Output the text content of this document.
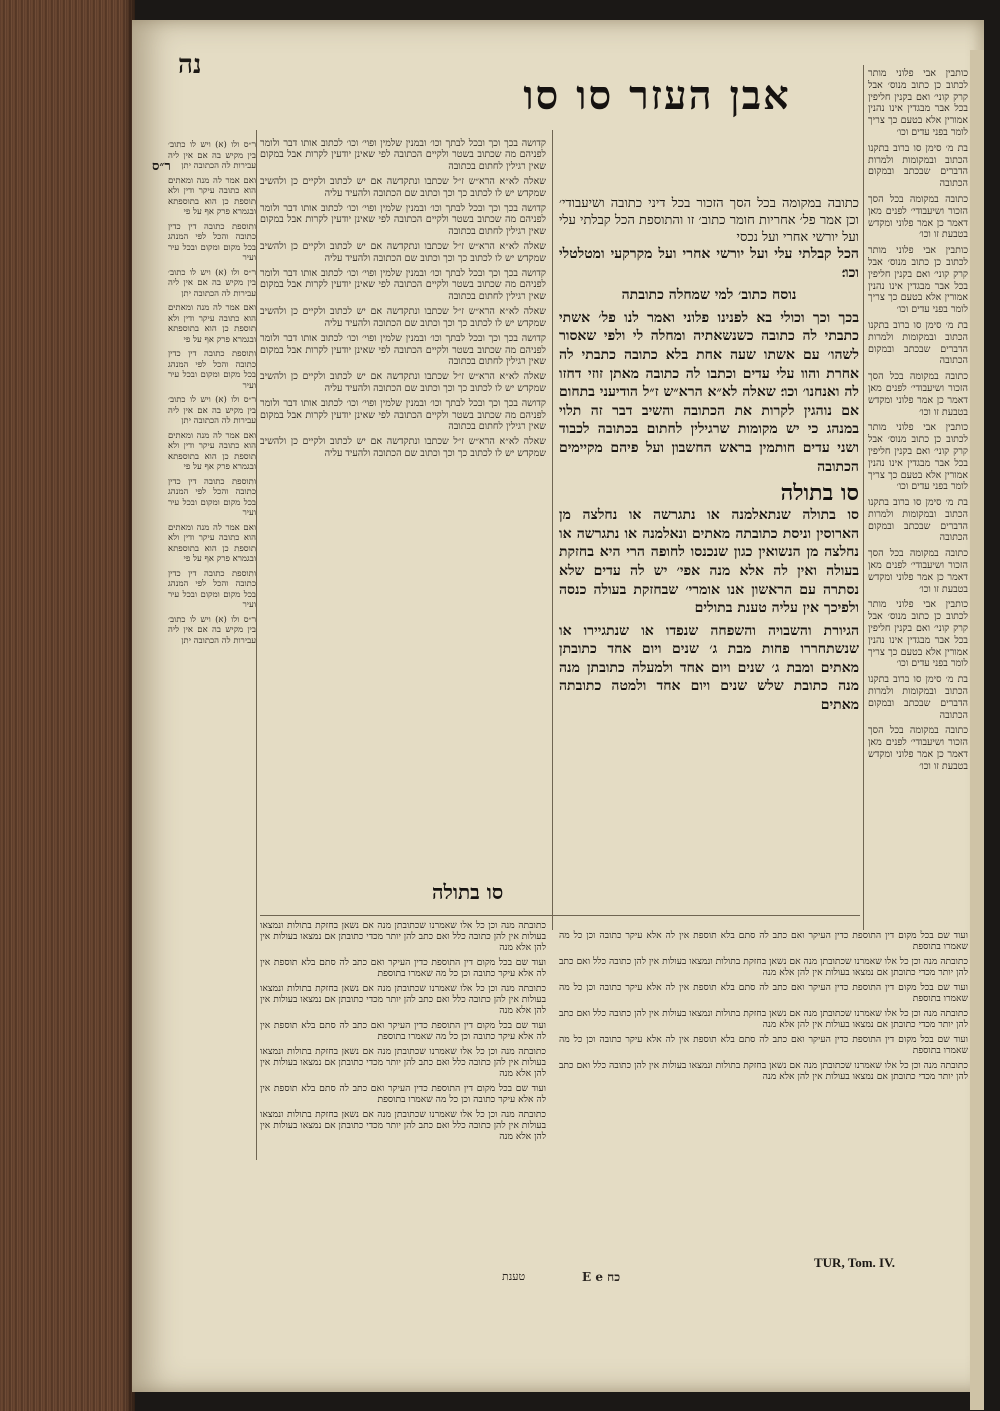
נה
ר״ס
אבן העזר סו סו

ר״ס ולו (א) ויש לו כתוב׳ בין מקיש בה אם אין ליה עבירות לה הכתובה יתן

ואם אמר לה מנה ומאתים הוא כתובה עיקר ודין ולא תוספת כן הוא בתוספתא ובגמרא פרק אף על פי

ותוספת כתובה דין כדין כתובה והכל לפי המנהג בכל מקום ומקום ובכל עיר ועיר

ר״ס ולו (א) ויש לו כתוב׳ בין מקיש בה אם אין ליה עבירות לה הכתובה יתן

ואם אמר לה מנה ומאתים הוא כתובה עיקר ודין ולא תוספת כן הוא בתוספתא ובגמרא פרק אף על פי

ותוספת כתובה דין כדין כתובה והכל לפי המנהג בכל מקום ומקום ובכל עיר ועיר

ר״ס ולו (א) ויש לו כתוב׳ בין מקיש בה אם אין ליה עבירות לה הכתובה יתן

ואם אמר לה מנה ומאתים הוא כתובה עיקר ודין ולא תוספת כן הוא בתוספתא ובגמרא פרק אף על פי

ותוספת כתובה דין כדין כתובה והכל לפי המנהג בכל מקום ומקום ובכל עיר ועיר

ואם אמר לה מנה ומאתים הוא כתובה עיקר ודין ולא תוספת כן הוא בתוספתא ובגמרא פרק אף על פי

ותוספת כתובה דין כדין כתובה והכל לפי המנהג בכל מקום ומקום ובכל עיר ועיר

ר״ס ולו (א) ויש לו כתוב׳ בין מקיש בה אם אין ליה עבירות לה הכתובה יתן

קדושה בכך וכך ובכל לבתך וכו׳ ובמנין שלמין ופוי׳ וכו׳ לכתוב אותו דבר ולומר לפניהם מה שכתוב בשטר ולקיים הכתובה לפי שאינן יודעין לקרות אבל במקום שאין רגילין לחתום בכתובה

שאלה לא״א הרא״ש ז״ל שכתבו ונתקדשה אם יש לכתוב ולקיים כן ולהשיב שמקדש יש לו לכתוב כך וכך וכתוב שם הכתובה ולהעיד עליה

קדושה בכך וכך ובכל לבתך וכו׳ ובמנין שלמין ופוי׳ וכו׳ לכתוב אותו דבר ולומר לפניהם מה שכתוב בשטר ולקיים הכתובה לפי שאינן יודעין לקרות אבל במקום שאין רגילין לחתום בכתובה

שאלה לא״א הרא״ש ז״ל שכתבו ונתקדשה אם יש לכתוב ולקיים כן ולהשיב שמקדש יש לו לכתוב כך וכך וכתוב שם הכתובה ולהעיד עליה

קדושה בכך וכך ובכל לבתך וכו׳ ובמנין שלמין ופוי׳ וכו׳ לכתוב אותו דבר ולומר לפניהם מה שכתוב בשטר ולקיים הכתובה לפי שאינן יודעין לקרות אבל במקום שאין רגילין לחתום בכתובה

שאלה לא״א הרא״ש ז״ל שכתבו ונתקדשה אם יש לכתוב ולקיים כן ולהשיב שמקדש יש לו לכתוב כך וכך וכתוב שם הכתובה ולהעיד עליה

קדושה בכך וכך ובכל לבתך וכו׳ ובמנין שלמין ופוי׳ וכו׳ לכתוב אותו דבר ולומר לפניהם מה שכתוב בשטר ולקיים הכתובה לפי שאינן יודעין לקרות אבל במקום שאין רגילין לחתום בכתובה

שאלה לא״א הרא״ש ז״ל שכתבו ונתקדשה אם יש לכתוב ולקיים כן ולהשיב שמקדש יש לו לכתוב כך וכך וכתוב שם הכתובה ולהעיד עליה

קדושה בכך וכך ובכל לבתך וכו׳ ובמנין שלמין ופוי׳ וכו׳ לכתוב אותו דבר ולומר לפניהם מה שכתוב בשטר ולקיים הכתובה לפי שאינן יודעין לקרות אבל במקום שאין רגילין לחתום בכתובה

שאלה לא״א הרא״ש ז״ל שכתבו ונתקדשה אם יש לכתוב ולקיים כן ולהשיב שמקדש יש לו לכתוב כך וכך וכתוב שם הכתובה ולהעיד עליה

סו בתולה

כתובתה מנה וכן כל אלו שאמרנו שכתובתן מנה אם נשאן בחזקת בתולות ונמצאו בעולות אין להן כתובה כלל ואם כתב להן יותר מכדי כתובתן אם נמצאו בעולות אין להן אלא מנה

ועוד שם בכל מקום דין התוספת כדין העיקר ואם כתב לה סתם בלא תוספת אין לה אלא עיקר כתובה וכן כל מה שאמרו בתוספת

כתובתה מנה וכן כל אלו שאמרנו שכתובתן מנה אם נשאן בחזקת בתולות ונמצאו בעולות אין להן כתובה כלל ואם כתב להן יותר מכדי כתובתן אם נמצאו בעולות אין להן אלא מנה

ועוד שם בכל מקום דין התוספת כדין העיקר ואם כתב לה סתם בלא תוספת אין לה אלא עיקר כתובה וכן כל מה שאמרו בתוספת

כתובתה מנה וכן כל אלו שאמרנו שכתובתן מנה אם נשאן בחזקת בתולות ונמצאו בעולות אין להן כתובה כלל ואם כתב להן יותר מכדי כתובתן אם נמצאו בעולות אין להן אלא מנה

ועוד שם בכל מקום דין התוספת כדין העיקר ואם כתב לה סתם בלא תוספת אין לה אלא עיקר כתובה וכן כל מה שאמרו בתוספת

כתובתה מנה וכן כל אלו שאמרנו שכתובתן מנה אם נשאן בחזקת בתולות ונמצאו בעולות אין להן כתובה כלל ואם כתב להן יותר מכדי כתובתן אם נמצאו בעולות אין להן אלא מנה

כתובה במקומה בכל הסך הזכור בכל דיני כתובה ושיעבודי׳ וכן אמר פל׳ אחריות חומר כתוב׳ זו והתוספת הכל קבלתי עלי ועל יורשי אחרי ועל נכסי

הכל קבלתי עלי ועל יורשי אחרי ועל מקרקעי ומטלטלי וכו׳׃

נוסח כתוב׳ למי שמחלה כתובתה

בכך וכך וכולי בא לפנינו פלוני ואמר לנו פל׳ אשתי כתבתי לה כתובה כשנשאתיה ומחלה לי ולפי שאסור לשהו׳ עם אשתו שעה אחת בלא כתובה כתבתי לה אחרת והוו עלי עדים וכתבו לה כתובה מאתן זוזי דחזו לה ואנחנו׳ וכו׳׃ שאלה לא״א הרא״ש ז״ל הודיעני בתחום אם נוהגין לקרות את הכתובה והשיב דבר זה תלוי במנהג כי יש מקומות שרגילין לחתום בכתובה לכבוד ושני עדים חותמין בראש החשבון ועל פיהם מקיימים הכתובה

סו בתולה

סו בתולה שנתאלמנה או נתגרשה או נחלצה מן הארוסין וניסת כתובתה מאתים ונאלמנה או נתגרשה או נחלצה מן הנשואין כגון שנכנסו לחופה הרי היא בחזקת בעולה ואין לה אלא מנה אפי׳ יש לה עדים שלא נסתרה עם הראשון אנו אומרי׳ שבחזקת בעולה כנסה ולפיכך אין עליה טענת בתולים

הגיורת והשבויה והשפחה שנפדו או שנתגיירו או שנשתחררו פחות מבת ג׳ שנים ויום אחד כתובתן מאתים ומבת ג׳ שנים ויום אחד ולמעלה כתובתן מנה מנה כתובת שלש שנים ויום אחד ולמטה כתובתה מאתים

כותבין אבי פלוני מותר לכתוב כן כתוב מנוס׳ אבל קרק קוני׳ ואם בקנין חליפין בכל אבר מבגדין אינו נהנין אמורין אלא בטעם כך צריך לומר בפני עדים וכו׳

בת מ׳ סימן סו ברוב בתקנו הכתוב ובמקומות ולמרות הדברים שבכתב ובמקום הכתובה

כתובה במקומה בכל הסך הזכור ושיעבודי׳ לפנים מאן דאמר כן אמר פלוני ומקדש בטבעת זו וכו׳

כותבין אבי פלוני מותר לכתוב כן כתוב מנוס׳ אבל קרק קוני׳ ואם בקנין חליפין בכל אבר מבגדין אינו נהנין אמורין אלא בטעם כך צריך לומר בפני עדים וכו׳

בת מ׳ סימן סו ברוב בתקנו הכתוב ובמקומות ולמרות הדברים שבכתב ובמקום הכתובה

כתובה במקומה בכל הסך הזכור ושיעבודי׳ לפנים מאן דאמר כן אמר פלוני ומקדש בטבעת זו וכו׳

כותבין אבי פלוני מותר לכתוב כן כתוב מנוס׳ אבל קרק קוני׳ ואם בקנין חליפין בכל אבר מבגדין אינו נהנין אמורין אלא בטעם כך צריך לומר בפני עדים וכו׳

בת מ׳ סימן סו ברוב בתקנו הכתוב ובמקומות ולמרות הדברים שבכתב ובמקום הכתובה

כתובה במקומה בכל הסך הזכור ושיעבודי׳ לפנים מאן דאמר כן אמר פלוני ומקדש בטבעת זו וכו׳

כותבין אבי פלוני מותר לכתוב כן כתוב מנוס׳ אבל קרק קוני׳ ואם בקנין חליפין בכל אבר מבגדין אינו נהנין אמורין אלא בטעם כך צריך לומר בפני עדים וכו׳

בת מ׳ סימן סו ברוב בתקנו הכתוב ובמקומות ולמרות הדברים שבכתב ובמקום הכתובה

כתובה במקומה בכל הסך הזכור ושיעבודי׳ לפנים מאן דאמר כן אמר פלוני ומקדש בטבעת זו וכו׳

ועוד שם בכל מקום דין התוספת כדין העיקר ואם כתב לה סתם בלא תוספת אין לה אלא עיקר כתובה וכן כל מה שאמרו בתוספת

כתובתה מנה וכן כל אלו שאמרנו שכתובתן מנה אם נשאן בחזקת בתולות ונמצאו בעולות אין להן כתובה כלל ואם כתב להן יותר מכדי כתובתן אם נמצאו בעולות אין להן אלא מנה

ועוד שם בכל מקום דין התוספת כדין העיקר ואם כתב לה סתם בלא תוספת אין לה אלא עיקר כתובה וכן כל מה שאמרו בתוספת

כתובתה מנה וכן כל אלו שאמרנו שכתובתן מנה אם נשאן בחזקת בתולות ונמצאו בעולות אין להן כתובה כלל ואם כתב להן יותר מכדי כתובתן אם נמצאו בעולות אין להן אלא מנה

ועוד שם בכל מקום דין התוספת כדין העיקר ואם כתב לה סתם בלא תוספת אין לה אלא עיקר כתובה וכן כל מה שאמרו בתוספת

כתובתה מנה וכן כל אלו שאמרנו שכתובתן מנה אם נשאן בחזקת בתולות ונמצאו בעולות אין להן כתובה כלל ואם כתב להן יותר מכדי כתובתן אם נמצאו בעולות אין להן אלא מנה

טענת	E e כח
TUR, Tom. IV.
